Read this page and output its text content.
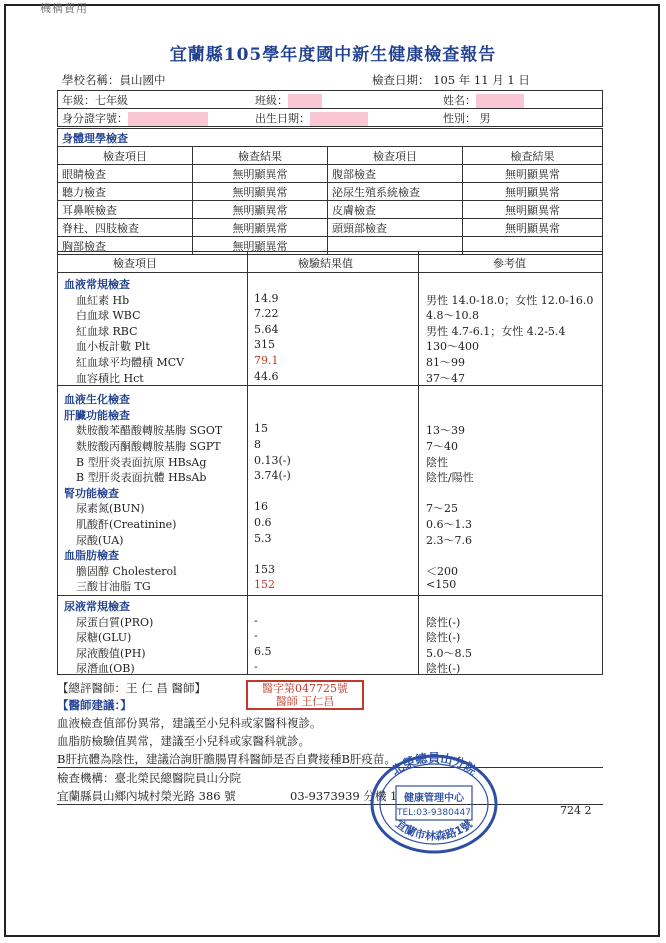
機構費用
宜蘭縣105學年度國中新生健康檢查報告
學校名稱：員山國中	檢查日期： 105 年 11 月 1 日
年級：七年級	班級：	姓名：
身分證字號：	出生日期：	性別： 男
身體理學檢查			
檢查項目	檢查結果	檢查項目	檢查結果
眼睛檢查	無明顯異常	腹部檢查	無明顯異常
聽力檢查	無明顯異常	泌尿生殖系統檢查	無明顯異常
耳鼻喉檢查	無明顯異常	皮膚檢查	無明顯異常
脊柱、四肢檢查	無明顯異常	頭頸部檢查	無明顯異常
胸部檢查	無明顯異常		
檢查項目	檢驗結果值	參考值
血液常規檢查
血紅素 Hb	14.9	男性 14.0-18.0；女性 12.0-16.0
白血球 WBC	7.22	4.8～10.8
紅血球 RBC	5.64	男性 4.7-6.1；女性 4.2-5.4
血小板計數 Plt	315	130～400
紅血球平均體積 MCV	79.1	81～99
血容積比 Hct	44.6	37～47
血液生化檢查
肝臟功能檢查
麩胺酸苯醋酸轉胺基脢 SGOT	15	13～39
麩胺酸丙酮酸轉胺基脢 SGPT	8	7～40
B 型肝炎表面抗原 HBsAg	0.13(-)	陰性
B 型肝炎表面抗體 HBsAb	3.74(-)	陰性/陽性
腎功能檢查
尿素氮(BUN)	16	7～25
肌酸酐(Creatinine)	0.6	0.6～1.3
尿酸(UA)	5.3	2.3～7.6
血脂肪檢查
膽固醇 Cholesterol	153	＜200
三酸甘油脂 TG	152	<150
尿液常規檢查
尿蛋白質(PRO)	-	陰性(-)
尿糖(GLU)	-	陰性(-)
尿液酸值(PH)	6.5	5.0～8.5
尿潛血(OB)	-	陰性(-)
【總評醫師：王 仁 昌 醫師】	醫字第047725號
醫師 王仁昌
【醫師建議：】
血液檢查值部份異常，建議至小兒科或家醫科複診。
血脂肪檢驗值異常，建議至小兒科或家醫科就診。
B肝抗體為陰性，建議洽詢肝膽腸胃科醫師是否自費接種B肝疫苗。
檢查機構：臺北榮民總醫院員山分院
宜蘭縣員山鄉內城村榮光路 386 號	03-9373939 分機 1
724 2
北榮總員山分院
健康管理中心
TEL:03-9380447
宜蘭市林森路1號
